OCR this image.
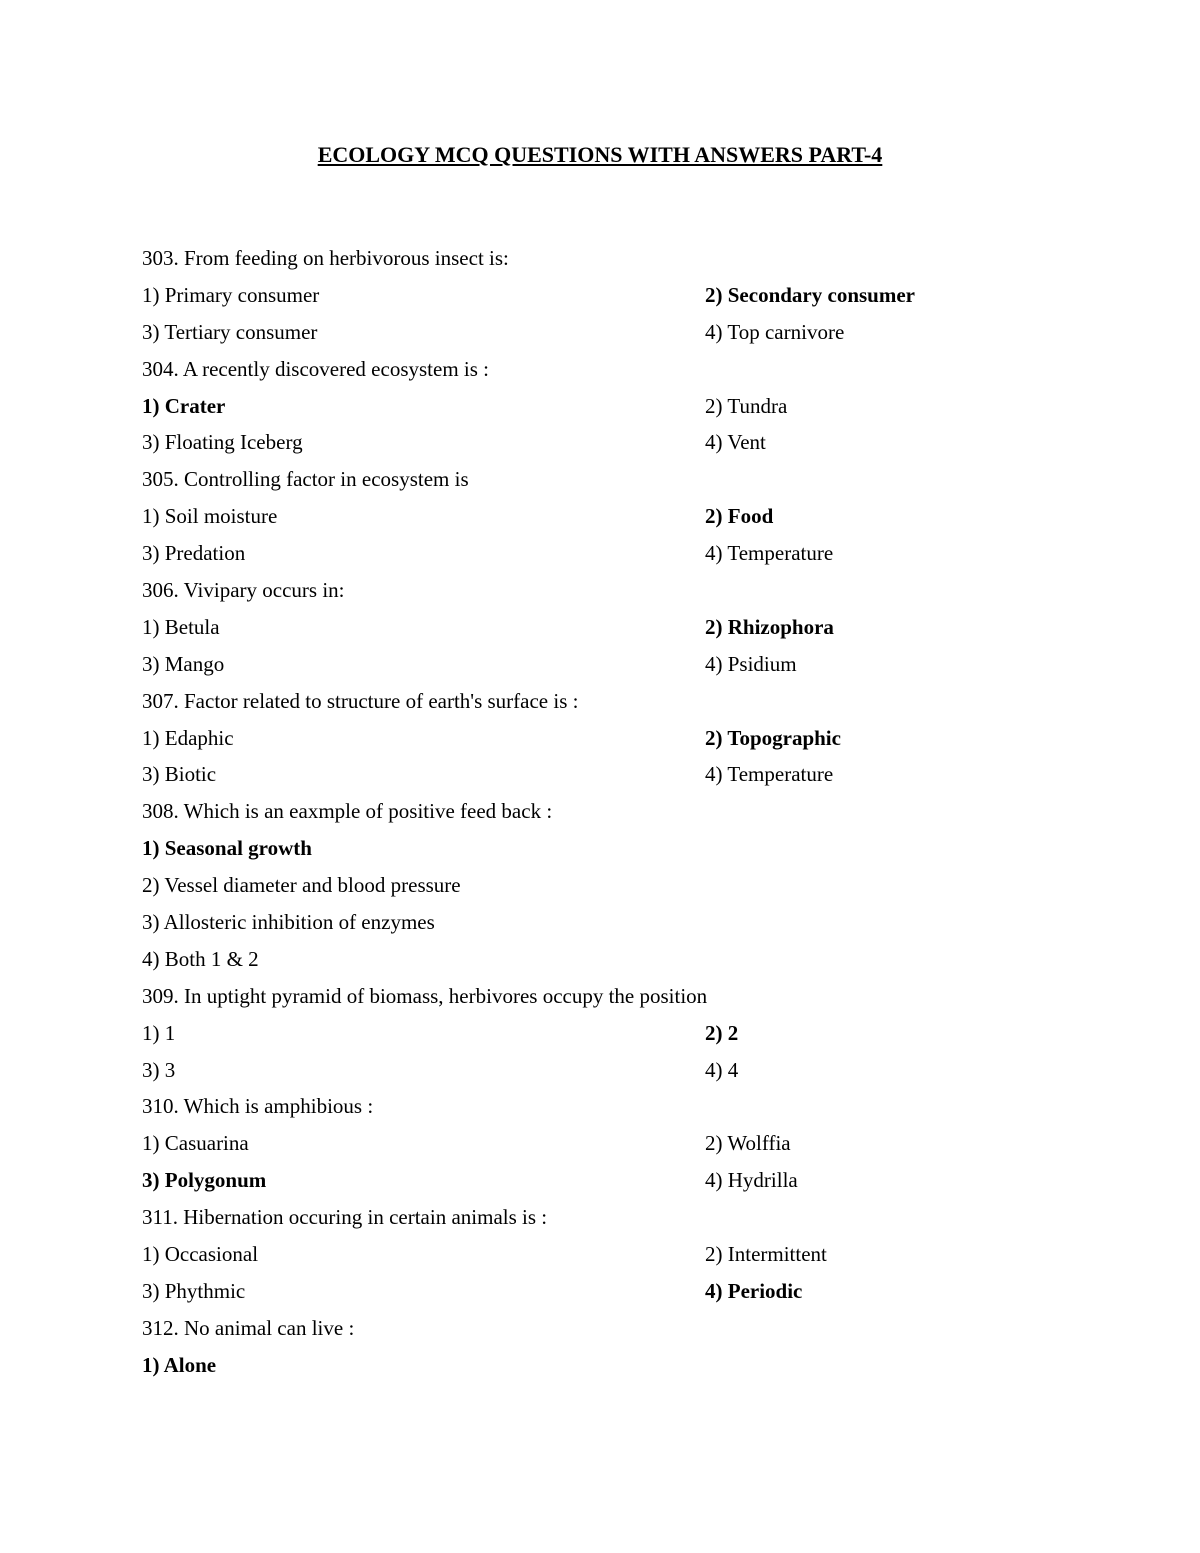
ECOLOGY MCQ QUESTIONS WITH ANSWERS PART-4
303. From feeding on herbivorous insect is:
1) Primary consumer	2) Secondary consumer
3) Tertiary consumer	4) Top carnivore
304. A recently discovered ecosystem is :
1) Crater	2) Tundra
3) Floating Iceberg	4) Vent
305. Controlling factor in ecosystem is
1) Soil moisture	2) Food
3) Predation	4) Temperature
306. Vivipary occurs in:
1) Betula	2) Rhizophora
3) Mango	4) Psidium
307. Factor related to structure of earth's surface is :
1) Edaphic	2) Topographic
3) Biotic	4) Temperature
308. Which is an eaxmple of positive feed back :
1) Seasonal growth
2) Vessel diameter and blood pressure
3) Allosteric inhibition of enzymes
4) Both 1 & 2
309. In uptight pyramid of biomass, herbivores occupy the position
1) 1	2) 2
3) 3	4) 4
310. Which is amphibious :
1) Casuarina	2) Wolffia
3) Polygonum	4) Hydrilla
311. Hibernation occuring in certain animals is :
1) Occasional	2) Intermittent
3) Phythmic	4) Periodic
312. No animal can live :
1) Alone
